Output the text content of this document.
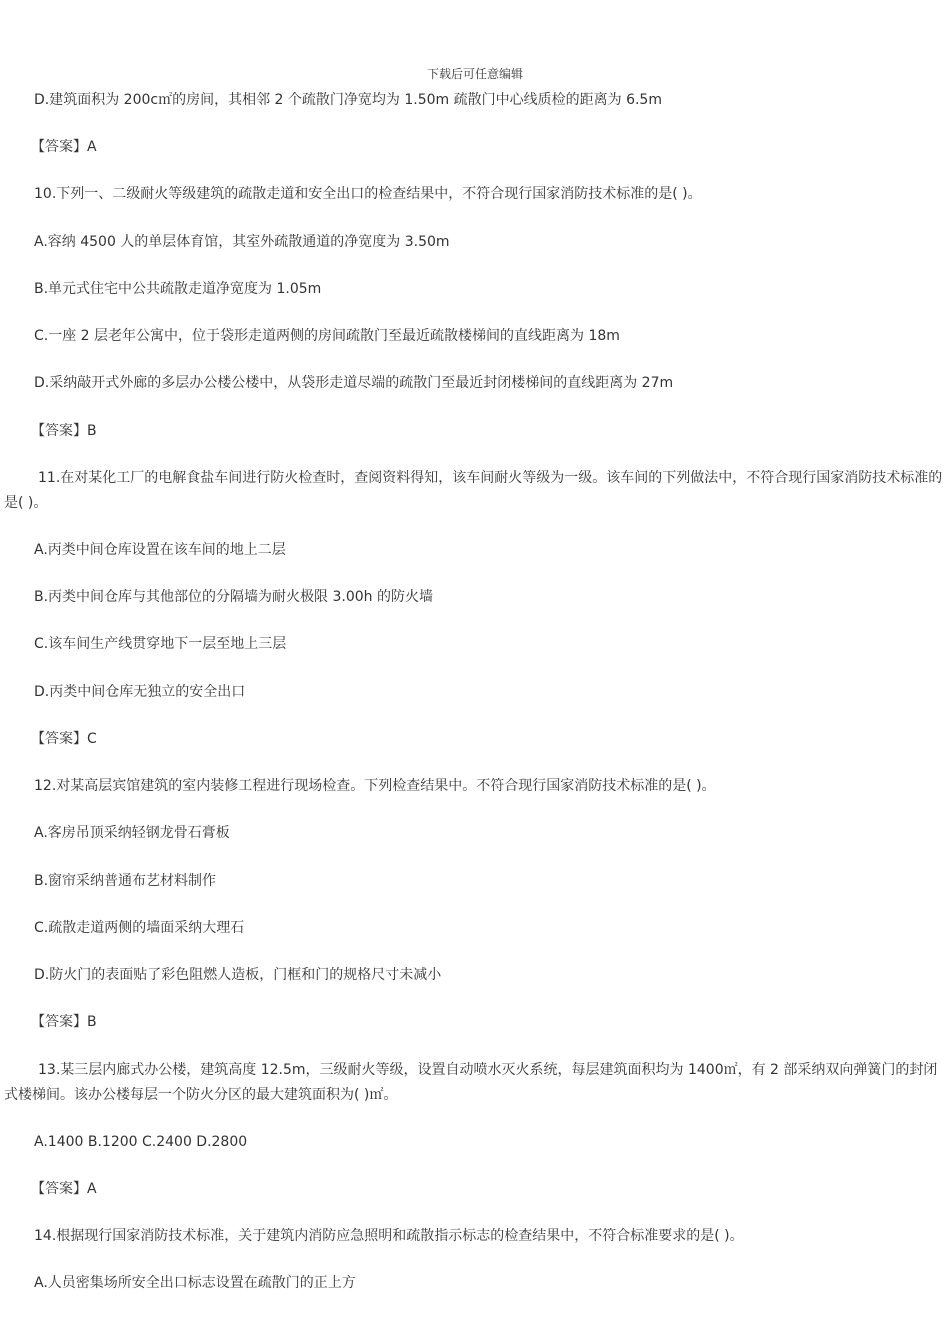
下载后可任意编辑
D.建筑面积为 200c㎡的房间，其相邻 2 个疏散门净宽均为 1.50m 疏散门中心线质检的距离为 6.5m
【答案】A
10.下列一、二级耐火等级建筑的疏散走道和安全出口的检查结果中，不符合现行国家消防技术标准的是( )。
A.容纳 4500 人的单层体育馆，其室外疏散通道的净宽度为 3.50m
B.单元式住宅中公共疏散走道净宽度为 1.05m
C.一座 2 层老年公寓中，位于袋形走道两侧的房间疏散门至最近疏散楼梯间的直线距离为 18m
D.采纳敲开式外廊的多层办公楼公楼中，从袋形走道尽端的疏散门至最近封闭楼梯间的直线距离为 27m
【答案】B
11.在对某化工厂的电解食盐车间进行防火检查时，查阅资料得知，该车间耐火等级为一级。该车间的下列做法中，不符合现行国家消防技术标准的是( )。
A.丙类中间仓库设置在该车间的地上二层
B.丙类中间仓库与其他部位的分隔墙为耐火极限 3.00h 的防火墙
C.该车间生产线贯穿地下一层至地上三层
D.丙类中间仓库无独立的安全出口
【答案】C
12.对某高层宾馆建筑的室内装修工程进行现场检查。下列检查结果中。不符合现行国家消防技术标准的是( )。
A.客房吊顶采纳轻钢龙骨石膏板
B.窗帘采纳普通布艺材料制作
C.疏散走道两侧的墙面采纳大理石
D.防火门的表面贴了彩色阻燃人造板，门框和门的规格尺寸未减小
【答案】B
13.某三层内廊式办公楼，建筑高度 12.5m，三级耐火等级，设置自动喷水灭火系统，每层建筑面积均为 1400㎡，有 2 部采纳双向弹簧门的封闭式楼梯间。该办公楼每层一个防火分区的最大建筑面积为( )㎡。
A.1400 B.1200 C.2400 D.2800
【答案】A
14.根据现行国家消防技术标准，关于建筑内消防应急照明和疏散指示标志的检查结果中，不符合标准要求的是( )。
A.人员密集场所安全出口标志设置在疏散门的正上方
